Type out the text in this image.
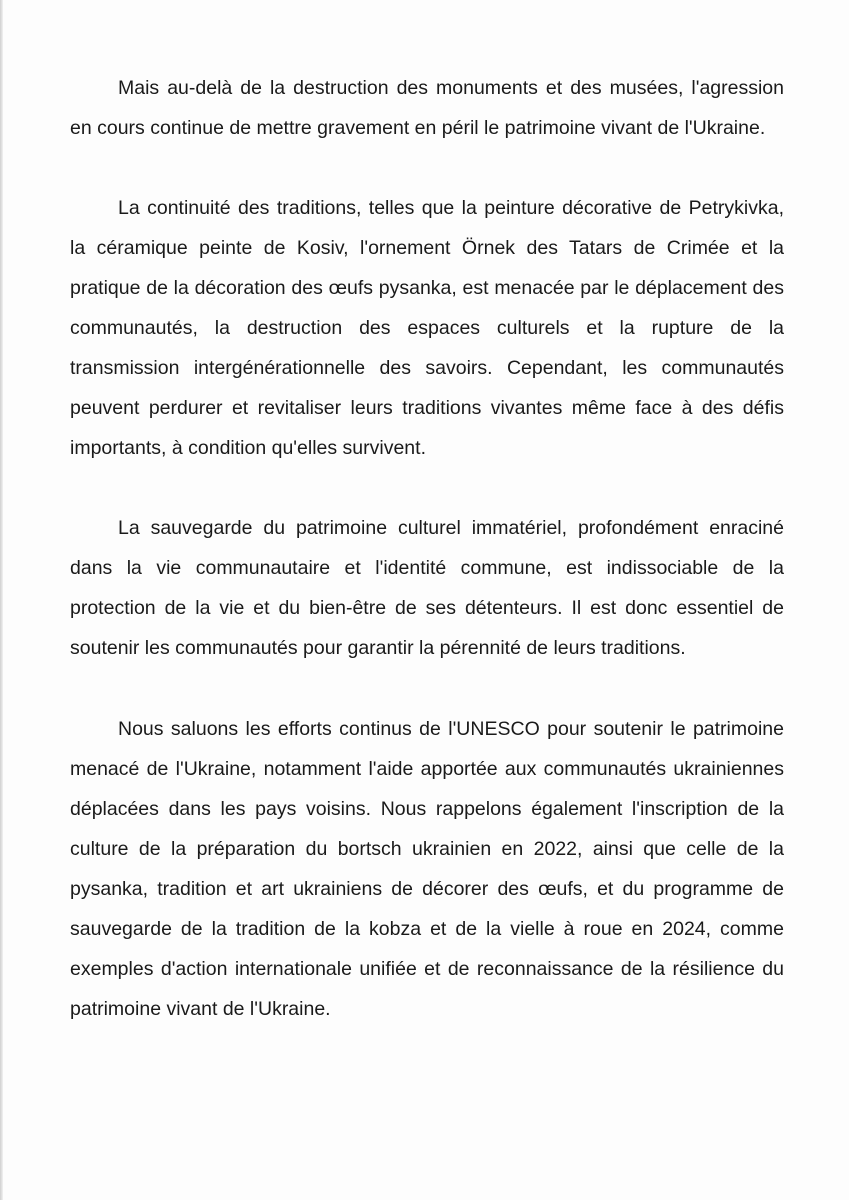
Mais au-delà de la destruction des monuments et des musées, l'agression en cours continue de mettre gravement en péril le patrimoine vivant de l'Ukraine.

La continuité des traditions, telles que la peinture décorative de Petrykivka, la céramique peinte de Kosiv, l'ornement Örnek des Tatars de Crimée et la pratique de la décoration des œufs pysanka, est menacée par le déplacement des communautés, la destruction des espaces culturels et la rupture de la transmission intergénérationnelle des savoirs. Cependant, les communautés peuvent perdurer et revitaliser leurs traditions vivantes même face à des défis importants, à condition qu'elles survivent.

La sauvegarde du patrimoine culturel immatériel, profondément enraciné dans la vie communautaire et l'identité commune, est indissociable de la protection de la vie et du bien-être de ses détenteurs. Il est donc essentiel de soutenir les communautés pour garantir la pérennité de leurs traditions.

Nous saluons les efforts continus de l'UNESCO pour soutenir le patrimoine menacé de l'Ukraine, notamment l'aide apportée aux communautés ukrainiennes déplacées dans les pays voisins. Nous rappelons également l'inscription de la culture de la préparation du bortsch ukrainien en 2022, ainsi que celle de la pysanka, tradition et art ukrainiens de décorer des œufs, et du programme de sauvegarde de la tradition de la kobza et de la vielle à roue en 2024, comme exemples d'action internationale unifiée et de reconnaissance de la résilience du patrimoine vivant de l'Ukraine.
